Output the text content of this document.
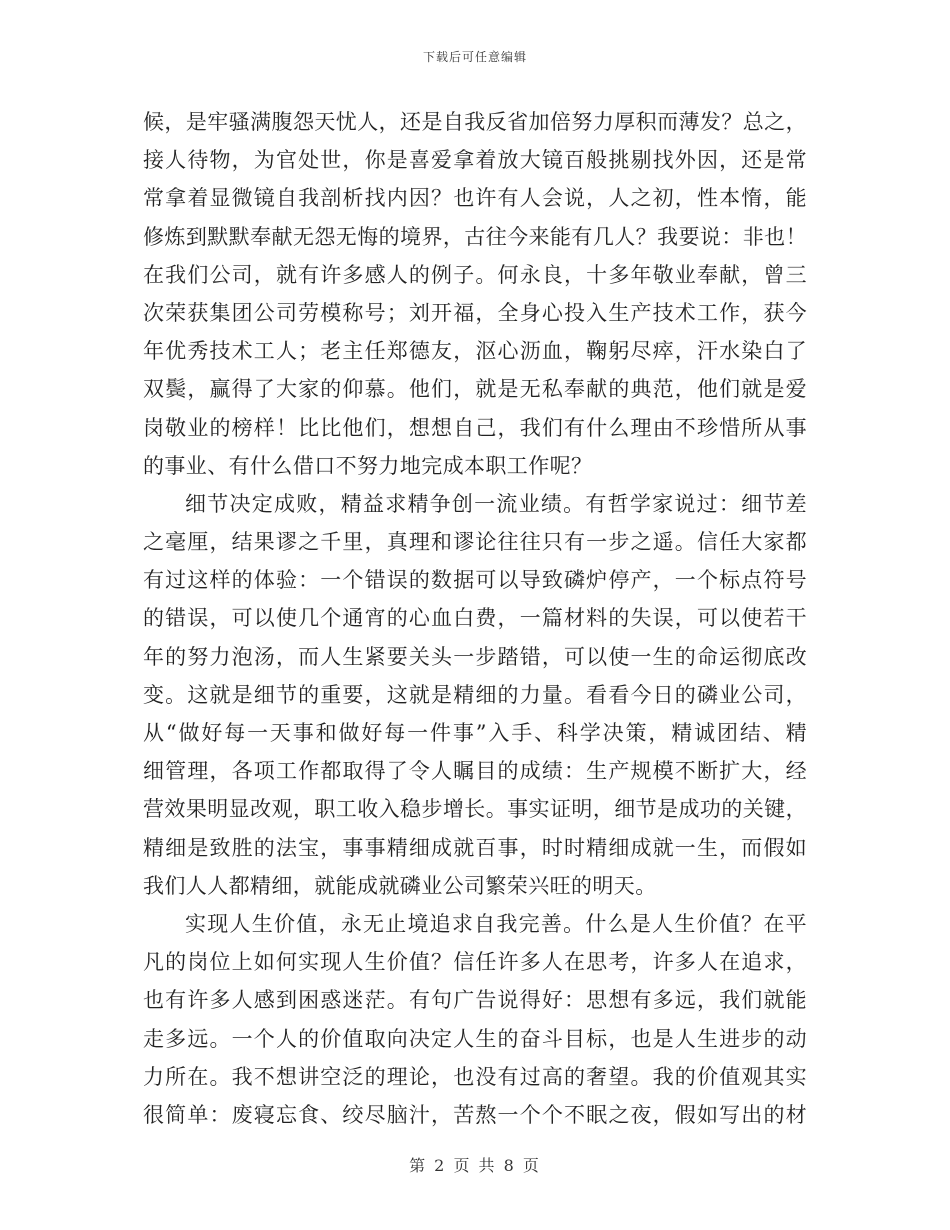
下载后可任意编辑
候，是牢骚满腹怨天忧人，还是自我反省加倍努力厚积而薄发？总之，
接人待物，为官处世，你是喜爱拿着放大镜百般挑剔找外因，还是常
常拿着显微镜自我剖析找内因？也许有人会说，人之初，性本惰，能
修炼到默默奉献无怨无悔的境界，古往今来能有几人？我要说：非也！
在我们公司，就有许多感人的例子。何永良，十多年敬业奉献，曾三
次荣获集团公司劳模称号；刘开福，全身心投入生产技术工作，获今
年优秀技术工人；老主任郑德友，沤心沥血，鞠躬尽瘁，汗水染白了
双鬓，赢得了大家的仰慕。他们，就是无私奉献的典范，他们就是爱
岗敬业的榜样！比比他们，想想自己，我们有什么理由不珍惜所从事
的事业、有什么借口不努力地完成本职工作呢？
细节决定成败，精益求精争创一流业绩。有哲学家说过：细节差
之毫厘，结果谬之千里，真理和谬论往往只有一步之遥。信任大家都
有过这样的体验：一个错误的数据可以导致磷炉停产，一个标点符号
的错误，可以使几个通宵的心血白费，一篇材料的失误，可以使若干
年的努力泡汤，而人生紧要关头一步踏错，可以使一生的命运彻底改
变。这就是细节的重要，这就是精细的力量。看看今日的磷业公司，
从“做好每一天事和做好每一件事”入手、科学决策，精诚团结、精
细管理，各项工作都取得了令人瞩目的成绩：生产规模不断扩大，经
营效果明显改观，职工收入稳步增长。事实证明，细节是成功的关键，
精细是致胜的法宝，事事精细成就百事，时时精细成就一生，而假如
我们人人都精细，就能成就磷业公司繁荣兴旺的明天。
实现人生价值，永无止境追求自我完善。什么是人生价值？在平
凡的岗位上如何实现人生价值？信任许多人在思考，许多人在追求，
也有许多人感到困惑迷茫。有句广告说得好：思想有多远，我们就能
走多远。一个人的价值取向决定人生的奋斗目标，也是人生进步的动
力所在。我不想讲空泛的理论，也没有过高的奢望。我的价值观其实
很简单：废寝忘食、绞尽脑汁，苦熬一个个不眠之夜，假如写出的材
第 2 页 共 8 页
